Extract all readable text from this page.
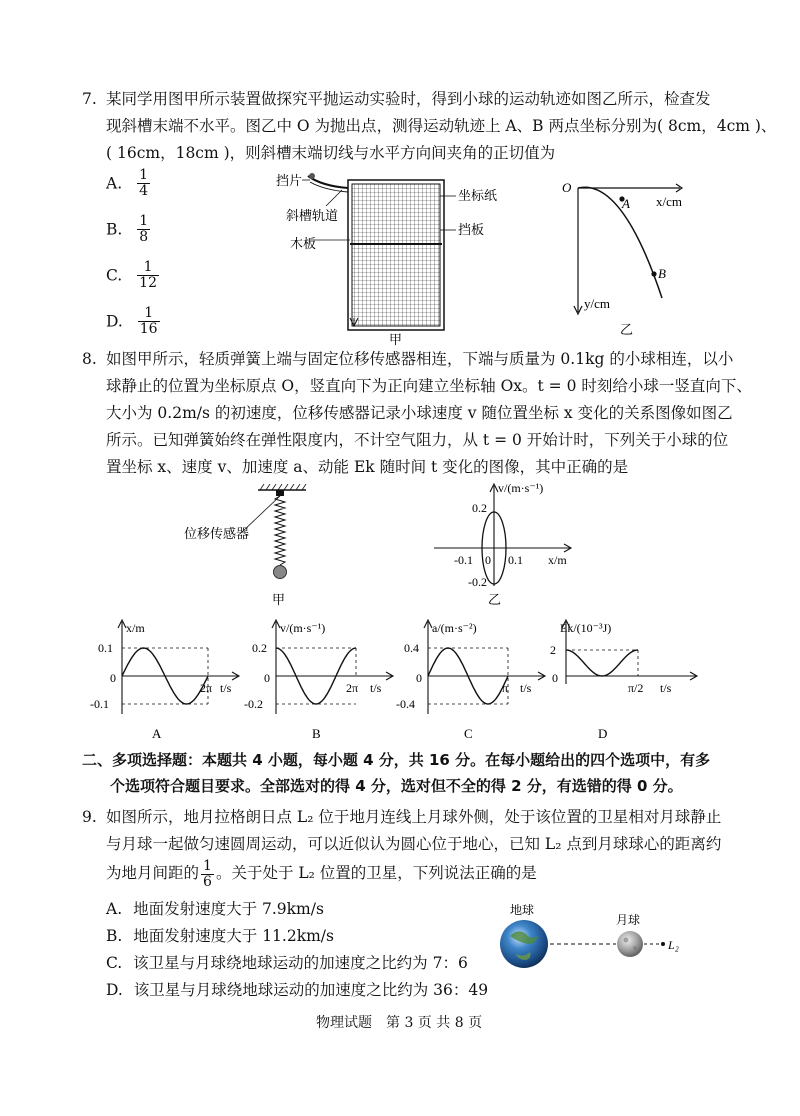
7. 某同学用图甲所示装置做探究平抛运动实验时，得到小球的运动轨迹如图乙所示，检查发
现斜槽末端不水平。图乙中 O 为抛出点，测得运动轨迹上 A、B 两点坐标分别为( 8cm，4cm )、
( 16cm，18cm )，则斜槽末端切线与水平方向间夹角的正切值为
A. $\frac{1}{4}$
B. $\frac{1}{8}$
C. $\frac{1}{12}$
D. $\frac{1}{16}$
挡片
斜槽轨道
木板
坐标纸
挡板
甲
O
A
B
x/cm
y/cm
乙
8. 如图甲所示，轻质弹簧上端与固定位移传感器相连，下端与质量为 0.1kg 的小球相连，以小
球静止的位置为坐标原点 O，竖直向下为正向建立坐标轴 Ox。t = 0 时刻给小球一竖直向下、
大小为 0.2m/s 的初速度，位移传感器记录小球速度 v 随位置坐标 x 变化的关系图像如图乙
所示。已知弹簧始终在弹性限度内，不计空气阻力，从 t = 0 开始计时，下列关于小球的位
置坐标 x、速度 v、加速度 a、动能 Ek 随时间 t 变化的图像，其中正确的是
位移传感器
甲
v/(m·s⁻¹)
x/m
0.2
-0.2
-0.1 0 0.1
乙
x/m
0.1
-0.1
0
2π t/s
A
v/(m·s⁻¹)
0.2
-0.2
0
2π t/s
B
a/(m·s⁻²)
0.4
-0.4
0
π t/s
C
Ek/(10⁻³J)
2
0
π/2 t/s
D
二、多项选择题：本题共 4 小题，每小题 4 分，共 16 分。在每小题给出的四个选项中，有多
个选项符合题目要求。全部选对的得 4 分，选对但不全的得 2 分，有选错的得 0 分。
9. 如图所示，地月拉格朗日点 L₂ 位于地月连线上月球外侧，处于该位置的卫星相对月球静止
与月球一起做匀速圆周运动，可以近似认为圆心位于地心，已知 L₂ 点到月球球心的距离约
为地月间距的 $\frac{1}{6}$ 。关于处于 L₂ 位置的卫星，下列说法正确的是
A. 地面发射速度大于 7.9km/s
B. 地面发射速度大于 11.2km/s
C. 该卫星与月球绕地球运动的加速度之比约为 7：6
D. 该卫星与月球绕地球运动的加速度之比约为 36：49
地球
月球
L₂
物理试题　第 3 页 共 8 页
